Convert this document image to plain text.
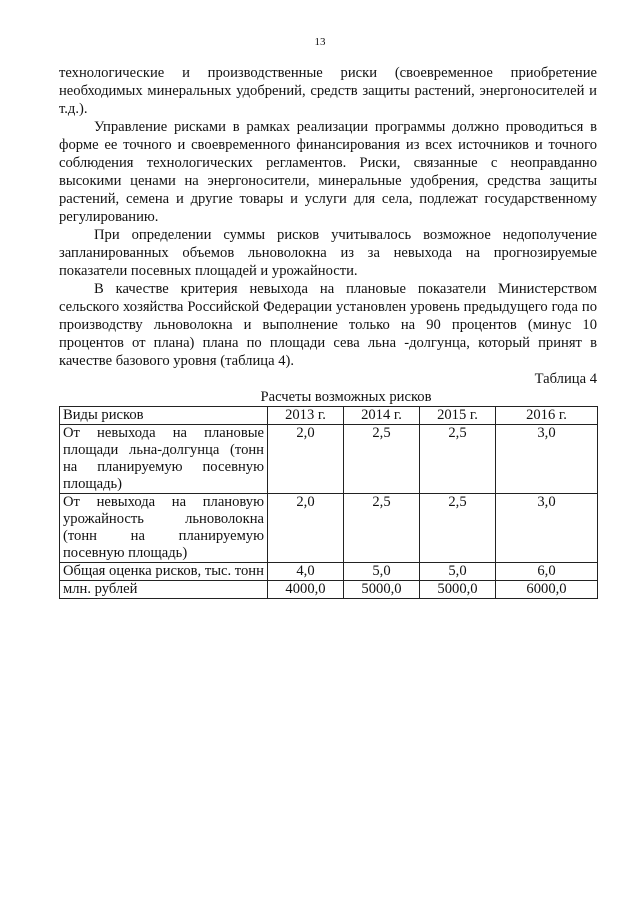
13

технологические и производственные риски (своевременное приобретение необходимых минеральных удобрений, средств защиты растений, энергоносителей и т.д.).

Управление рисками в рамках реализации программы должно проводиться в форме ее точного и своевременного финансирования из всех источников и точного соблюдения технологических регламентов. Риски, связанные с неоправданно высокими ценами на энергоносители, минеральные удобрения, средства защиты растений, семена и другие товары и услуги для села, подлежат государственному регулированию.

При определении суммы рисков учитывалось возможное недополучение запланированных объемов льноволокна из за невыхода на прогнозируемые показатели посевных площадей и урожайности.

В качестве критерия невыхода на плановые показатели Министерством сельского хозяйства Российской Федерации установлен уровень предыдущего года по производству льноволокна и выполнение только на 90 процентов (минус 10 процентов от плана) плана по площади сева льна -долгунца, который принят в качестве базового уровня (таблица 4).

Таблица 4

Расчеты возможных рисков

Виды рисков	2013 г.	2014 г.	2015 г.	2016 г.
От невыхода на плановые площади льна-долгунца (тонн на планируемую посевную площадь)	2,0	2,5	2,5	3,0
От невыхода на плановую урожайность льноволокна (тонн на планируемую посевную площадь)	2,0	2,5	2,5	3,0
Общая оценка рисков, тыс. тонн	4,0	5,0	5,0	6,0
млн. рублей	4000,0	5000,0	5000,0	6000,0
